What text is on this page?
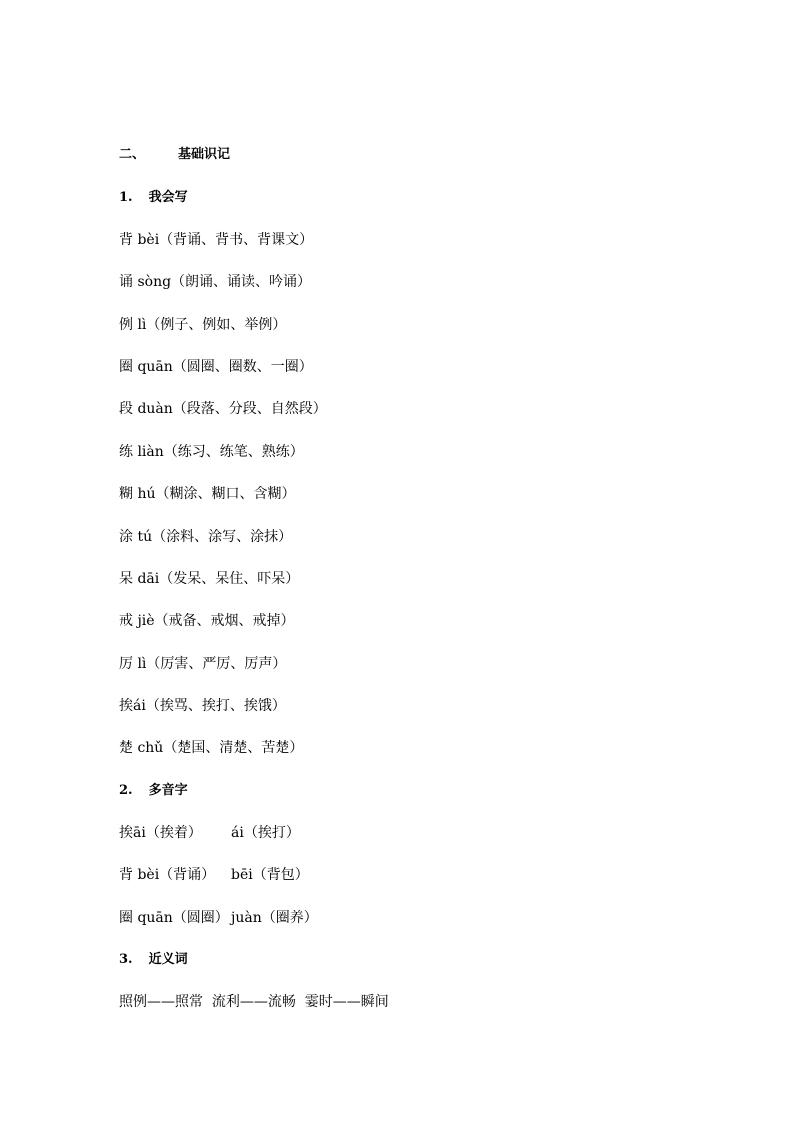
二、	基础识记
1. 我会写
背 bèi（背诵、背书、背课文）
诵 sòng（朗诵、诵读、吟诵）
例 lì（例子、例如、举例）
圈 quān（圆圈、圈数、一圈）
段 duàn（段落、分段、自然段）
练 liàn（练习、练笔、熟练）
糊 hú（糊涂、糊口、含糊）
涂 tú（涂料、涂写、涂抹）
呆 dāi（发呆、呆住、吓呆）
戒 jiè（戒备、戒烟、戒掉）
厉 lì（厉害、严厉、厉声）
挨ái（挨骂、挨打、挨饿）
楚 chǔ（楚国、清楚、苦楚）
2. 多音字
挨āi（挨着） ái（挨打）
背 bèi（背诵） bēi（背包）
圈 quān（圆圈） juàn（圈养）
3. 近义词
照例——照常  流利——流畅  霎时——瞬间
